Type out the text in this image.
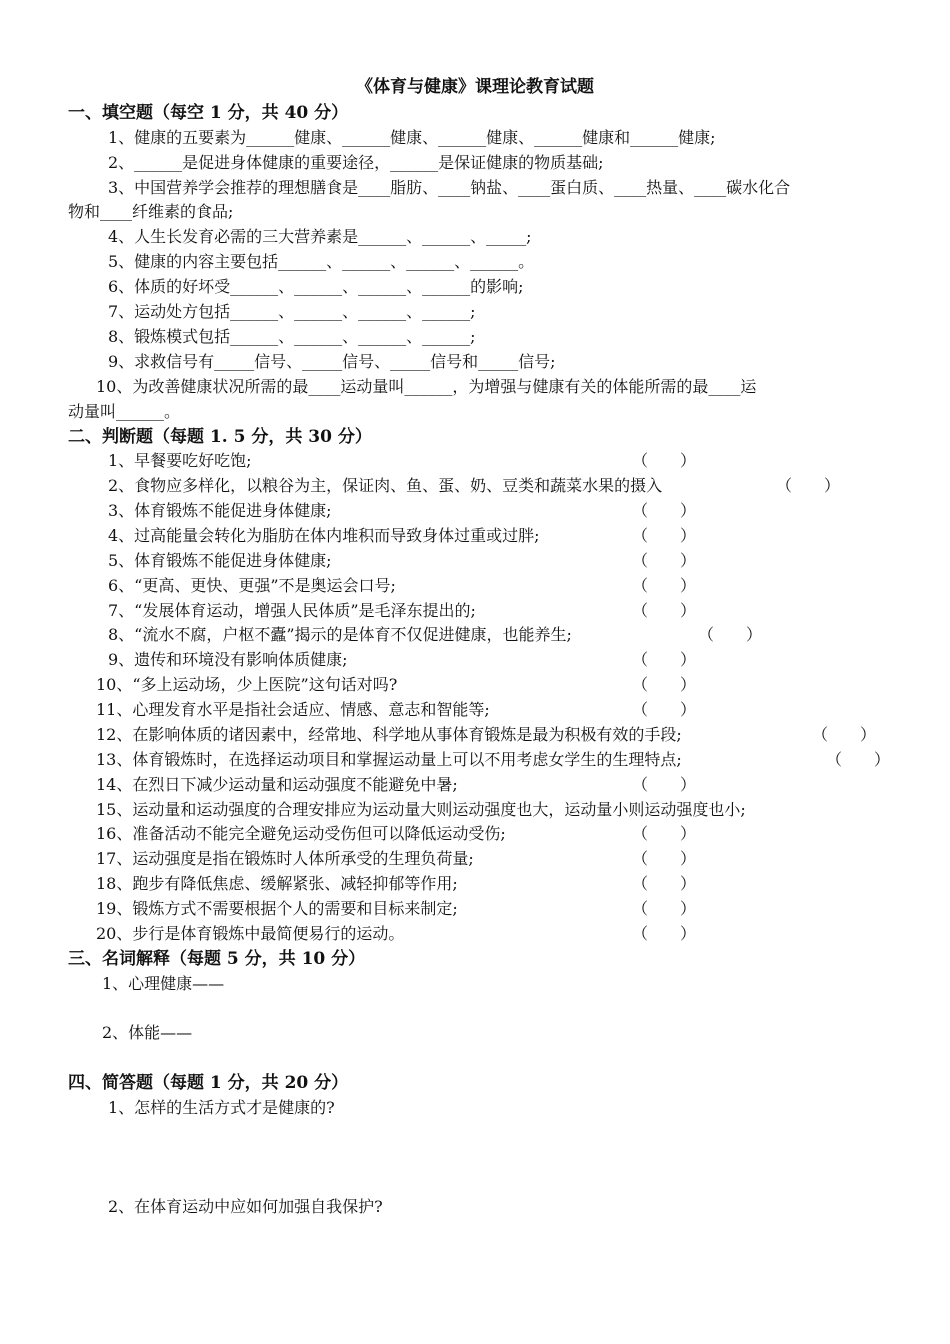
《体育与健康》课理论教育试题
一、填空题（每空 1 分，共 40 分）
1、健康的五要素为______健康、______健康、______健康、______健康和______健康;
2、______是促进身体健康的重要途径，______是保证健康的物质基础;
3、中国营养学会推荐的理想膳食是____脂肪、____钠盐、____蛋白质、____热量、____碳水化合
物和____纤维素的食品;
4、人生长发育必需的三大营养素是______、______、_____;
5、健康的内容主要包括______、______、______、______。
6、体质的好坏受______、______、______、______的影响;
7、运动处方包括______、______、______、______;
8、锻炼模式包括______、______、______、______;
9、求救信号有_____信号、_____信号、_____信号和_____信号;
10、为改善健康状况所需的最____运动量叫______，为增强与健康有关的体能所需的最____运
动量叫______。
二、判断题（每题 1. 5 分，共 30 分）
1、早餐要吃好吃饱;	（　　）
2、食物应多样化，以粮谷为主，保证肉、鱼、蛋、奶、豆类和蔬菜水果的摄入	（　　）
3、体育锻炼不能促进身体健康;	（　　）
4、过高能量会转化为脂肪在体内堆积而导致身体过重或过胖;	（　　）
5、体育锻炼不能促进身体健康;	（　　）
6、“更高、更快、更强”不是奥运会口号;	（　　）
7、“发展体育运动，增强人民体质”是毛泽东提出的;	（　　）
8、“流水不腐，户枢不蠹”揭示的是体育不仅促进健康，也能养生;	（　　）
9、遗传和环境没有影响体质健康;	（　　）
10、“多上运动场，少上医院”这句话对吗?	（　　）
11、心理发育水平是指社会适应、情感、意志和智能等;	（　　）
12、在影响体质的诸因素中，经常地、科学地从事体育锻炼是最为积极有效的手段;	（　　）
13、体育锻炼时，在选择运动项目和掌握运动量上可以不用考虑女学生的生理特点;	（　　）
14、在烈日下减少运动量和运动强度不能避免中暑;	（　　）
15、运动量和运动强度的合理安排应为运动量大则运动强度也大，运动量小则运动强度也小;
16、准备活动不能完全避免运动受伤但可以降低运动受伤;	（　　）
17、运动强度是指在锻炼时人体所承受的生理负荷量;	（　　）
18、跑步有降低焦虑、缓解紧张、减轻抑郁等作用;	（　　）
19、锻炼方式不需要根据个人的需要和目标来制定;	（　　）
20、步行是体育锻炼中最简便易行的运动。	（　　）
三、名词解释（每题 5 分，共 10 分）
1、心理健康——
2、体能——
四、简答题（每题 1 分，共 20 分）
1、怎样的生活方式才是健康的?
2、在体育运动中应如何加强自我保护?
